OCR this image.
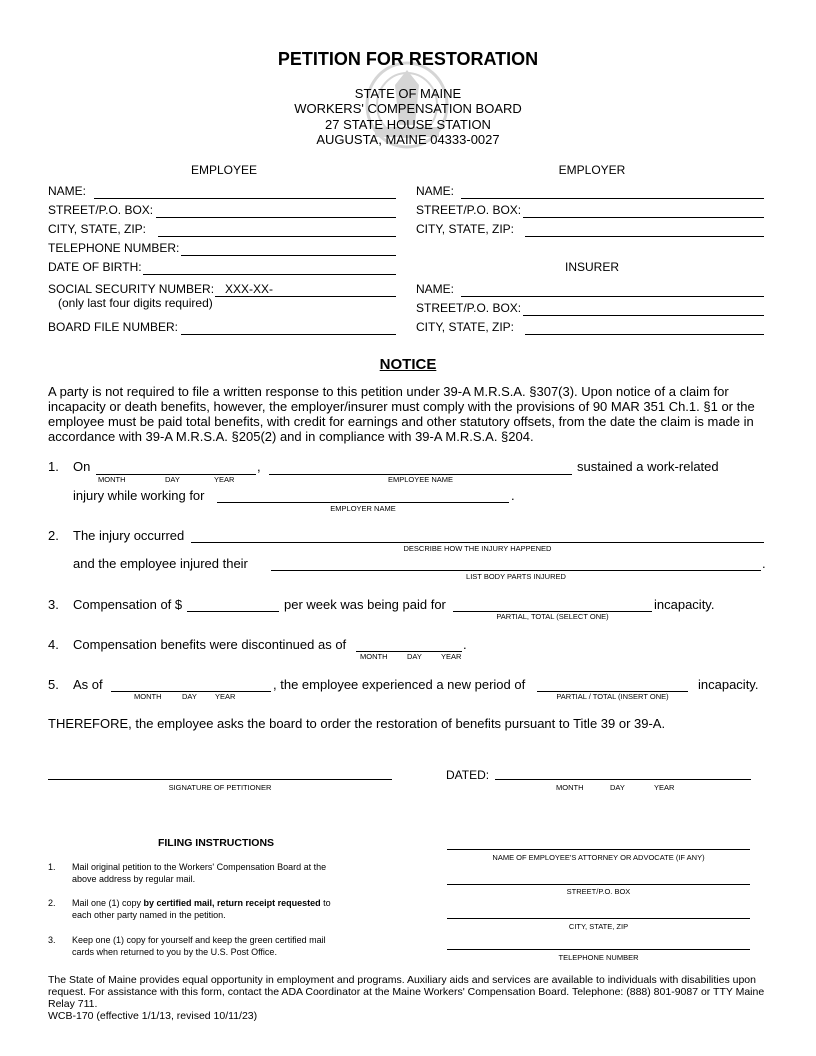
PETITION FOR RESTORATION
STATE OF MAINE
WORKERS' COMPENSATION BOARD
27 STATE HOUSE STATION
AUGUSTA, MAINE 04333-0027
EMPLOYEE
NAME:
STREET/P.O. BOX:
CITY, STATE, ZIP:
TELEPHONE NUMBER:
DATE OF BIRTH:
SOCIAL SECURITY NUMBER: XXX-XX-
(only last four digits required)
BOARD FILE NUMBER:
EMPLOYER
NAME:
STREET/P.O. BOX:
CITY, STATE, ZIP:
INSURER
NAME:
STREET/P.O. BOX:
CITY, STATE, ZIP:
NOTICE
A party is not required to file a written response to this petition under 39-A M.R.S.A. §307(3). Upon notice of a claim for
incapacity or death benefits, however, the employer/insurer must comply with the provisions of 90 MAR 351 Ch.1. §1 or the
employee must be paid total benefits, with credit for earnings and other statutory offsets, from the date the claim is made in
accordance with 39-A M.R.S.A. §205(2) and in compliance with 39-A M.R.S.A. §204.
1. On	,	sustained a work-related
MONTH	DAY	YEAR	EMPLOYEE NAME
injury while working for	.
EMPLOYER NAME
2. The injury occurred
DESCRIBE HOW THE INJURY HAPPENED
and the employee injured their	.
LIST BODY PARTS INJURED
3. Compensation of $	per week was being paid for	incapacity.
PARTIAL, TOTAL (SELECT ONE)
4. Compensation benefits were discontinued as of	.
MONTH	DAY	YEAR
5. As of	, the employee experienced a new period of	incapacity.
MONTH	DAY YEAR	PARTIAL / TOTAL (INSERT ONE)
THEREFORE, the employee asks the board to order the restoration of benefits pursuant to Title 39 or 39-A.
SIGNATURE OF PETITIONER
DATED:
MONTH	DAY	YEAR
FILING INSTRUCTIONS
1. Mail original petition to the Workers' Compensation Board at the
above address by regular mail.
2. Mail one (1) copy by certified mail, return receipt requested to
each other party named in the petition.
3. Keep one (1) copy for yourself and keep the green certified mail
cards when returned to you by the U.S. Post Office.
NAME OF EMPLOYEE'S ATTORNEY OR ADVOCATE (IF ANY)
STREET/P.O. BOX
CITY, STATE, ZIP
TELEPHONE NUMBER
The State of Maine provides equal opportunity in employment and programs. Auxiliary aids and services are available to individuals with disabilities upon
request. For assistance with this form, contact the ADA Coordinator at the Maine Workers' Compensation Board. Telephone: (888) 801-9087 or TTY Maine
Relay 711.
WCB-170 (effective 1/1/13, revised 10/11/23)
